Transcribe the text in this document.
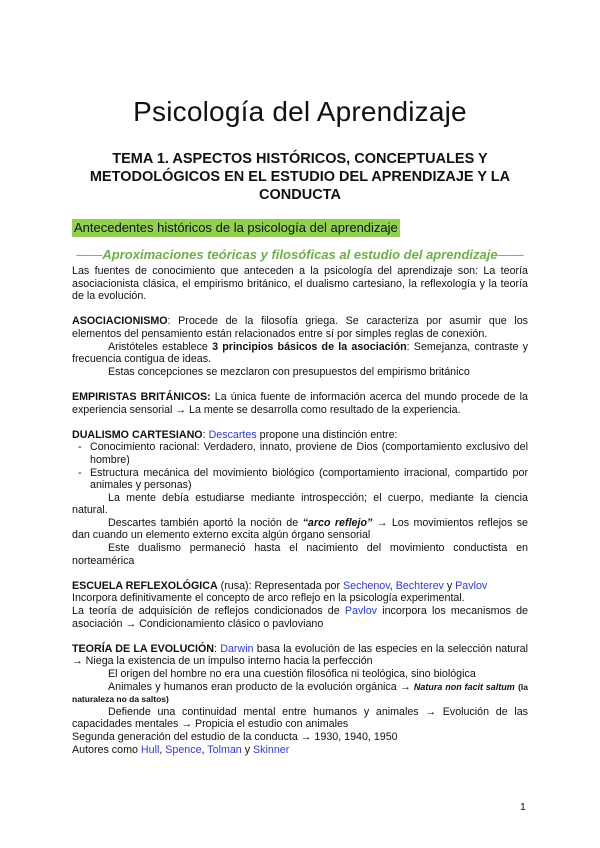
Psicología del Aprendizaje
TEMA 1. ASPECTOS HISTÓRICOS, CONCEPTUALES Y METODOLÓGICOS EN EL ESTUDIO DEL APRENDIZAJE Y LA CONDUCTA
Antecedentes históricos de la psicología del aprendizaje
——Aproximaciones teóricas y filosóficas al estudio del aprendizaje——

Las fuentes de conocimiento que anteceden a la psicología del aprendizaje son: La teoría asociacionista clásica, el empirismo británico, el dualismo cartesiano, la reflexología y la teoría de la evolución.

ASOCIACIONISMO: Procede de la filosofía griega. Se caracteriza por asumir que los elementos del pensamiento están relacionados entre sí por simples reglas de conexión.

Aristóteles establece 3 principios básicos de la asociación: Semejanza, contraste y frecuencia contigua de ideas.

Estas concepciones se mezclaron con presupuestos del empirismo británico

EMPIRISTAS BRITÁNICOS: La única fuente de información acerca del mundo procede de la experiencia sensorial → La mente se desarrolla como resultado de la experiencia.

DUALISMO CARTESIANO: Descartes propone una distinción entre:

- Conocimiento racional: Verdadero, innato, proviene de Dios (comportamiento exclusivo del hombre)
- Estructura mecánica del movimiento biológico (comportamiento irracional, compartido por animales y personas)

La mente debía estudiarse mediante introspección; el cuerpo, mediante la ciencia natural.

Descartes también aportó la noción de “arco reflejo” → Los movimientos reflejos se dan cuando un elemento externo excita algún órgano sensorial

Este dualismo permaneció hasta el nacimiento del movimiento conductista en norteamérica

ESCUELA REFLEXOLÓGICA (rusa): Representada por Sechenov, Bechterev y Pavlov

Incorpora definitivamente el concepto de arco reflejo en la psicología experimental.

La teoría de adquisición de reflejos condicionados de Pavlov incorpora los mecanismos de asociación → Condicionamiento clásico o pavloviano

TEORÍA DE LA EVOLUCIÓN: Darwin basa la evolución de las especies en la selección natural → Niega la existencia de un impulso interno hacia la perfección

El origen del hombre no era una cuestión filosófica ni teológica, sino biológica

Animales y humanos eran producto de la evolución orgánica → Natura non facit saltum (la naturaleza no da saltos)

Defiende una continuidad mental entre humanos y animales → Evolución de las capacidades mentales → Propicia el estudio con animales

Segunda generación del estudio de la conducta → 1930, 1940, 1950

Autores como Hull, Spence, Tolman y Skinner

1
